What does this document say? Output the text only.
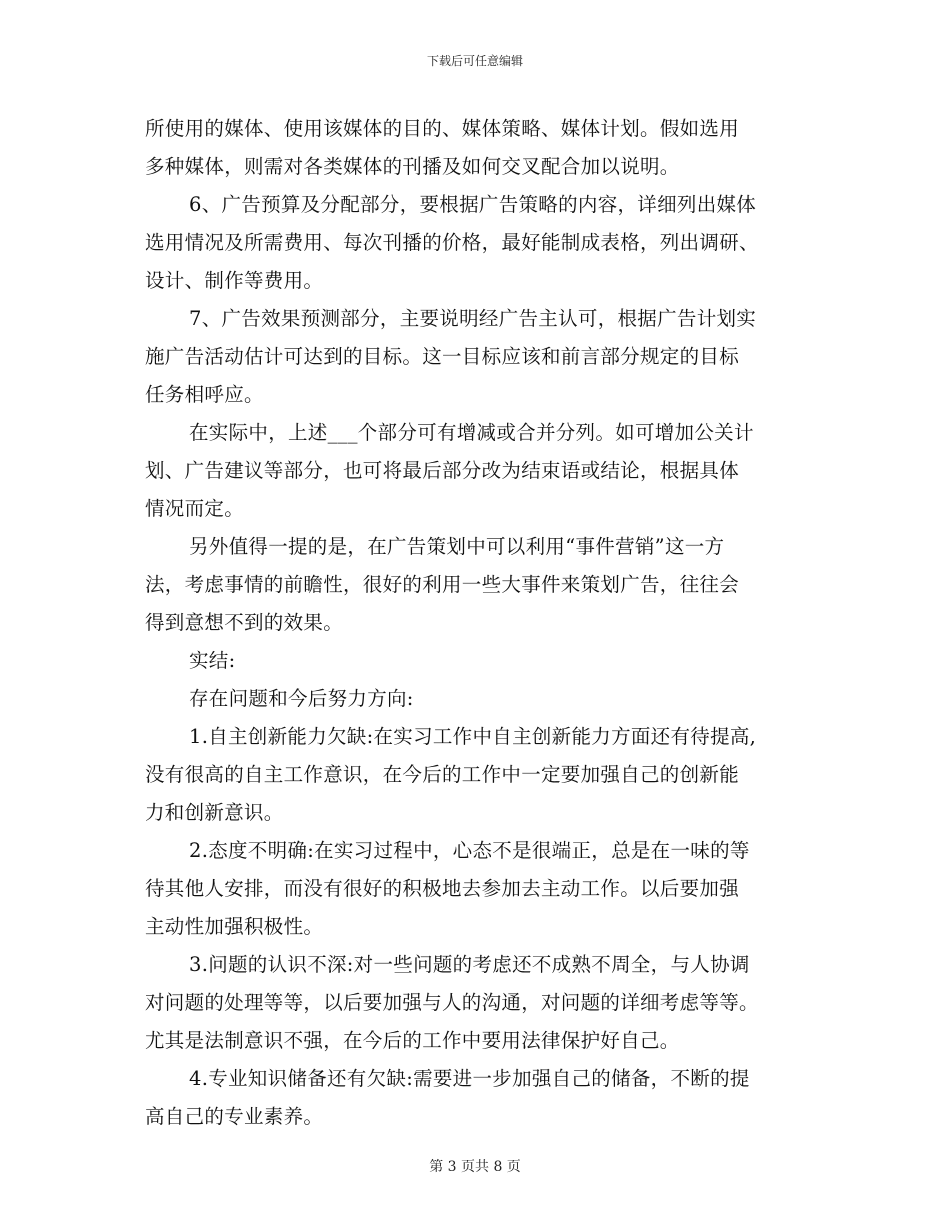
下载后可任意编辑
所使用的媒体、使用该媒体的目的、媒体策略、媒体计划。假如选用
多种媒体，则需对各类媒体的刊播及如何交叉配合加以说明。
6、广告预算及分配部分，要根据广告策略的内容，详细列出媒体
选用情况及所需费用、每次刊播的价格，最好能制成表格，列出调研、
设计、制作等费用。
7、广告效果预测部分，主要说明经广告主认可，根据广告计划实
施广告活动估计可达到的目标。这一目标应该和前言部分规定的目标
任务相呼应。
在实际中，上述___个部分可有增减或合并分列。如可增加公关计
划、广告建议等部分，也可将最后部分改为结束语或结论，根据具体
情况而定。
另外值得一提的是，在广告策划中可以利用“事件营销”这一方
法，考虑事情的前瞻性，很好的利用一些大事件来策划广告，往往会
得到意想不到的效果。
实结:
存在问题和今后努力方向:
1.自主创新能力欠缺:在实习工作中自主创新能力方面还有待提高,
没有很高的自主工作意识，在今后的工作中一定要加强自己的创新能
力和创新意识。
2.态度不明确:在实习过程中，心态不是很端正，总是在一味的等
待其他人安排，而没有很好的积极地去参加去主动工作。以后要加强
主动性加强积极性。
3.问题的认识不深:对一些问题的考虑还不成熟不周全，与人协调
对问题的处理等等，以后要加强与人的沟通，对问题的详细考虑等等。
尤其是法制意识不强，在今后的工作中要用法律保护好自己。
4.专业知识储备还有欠缺:需要进一步加强自己的储备，不断的提
高自己的专业素养。
第 3 页共 8 页
